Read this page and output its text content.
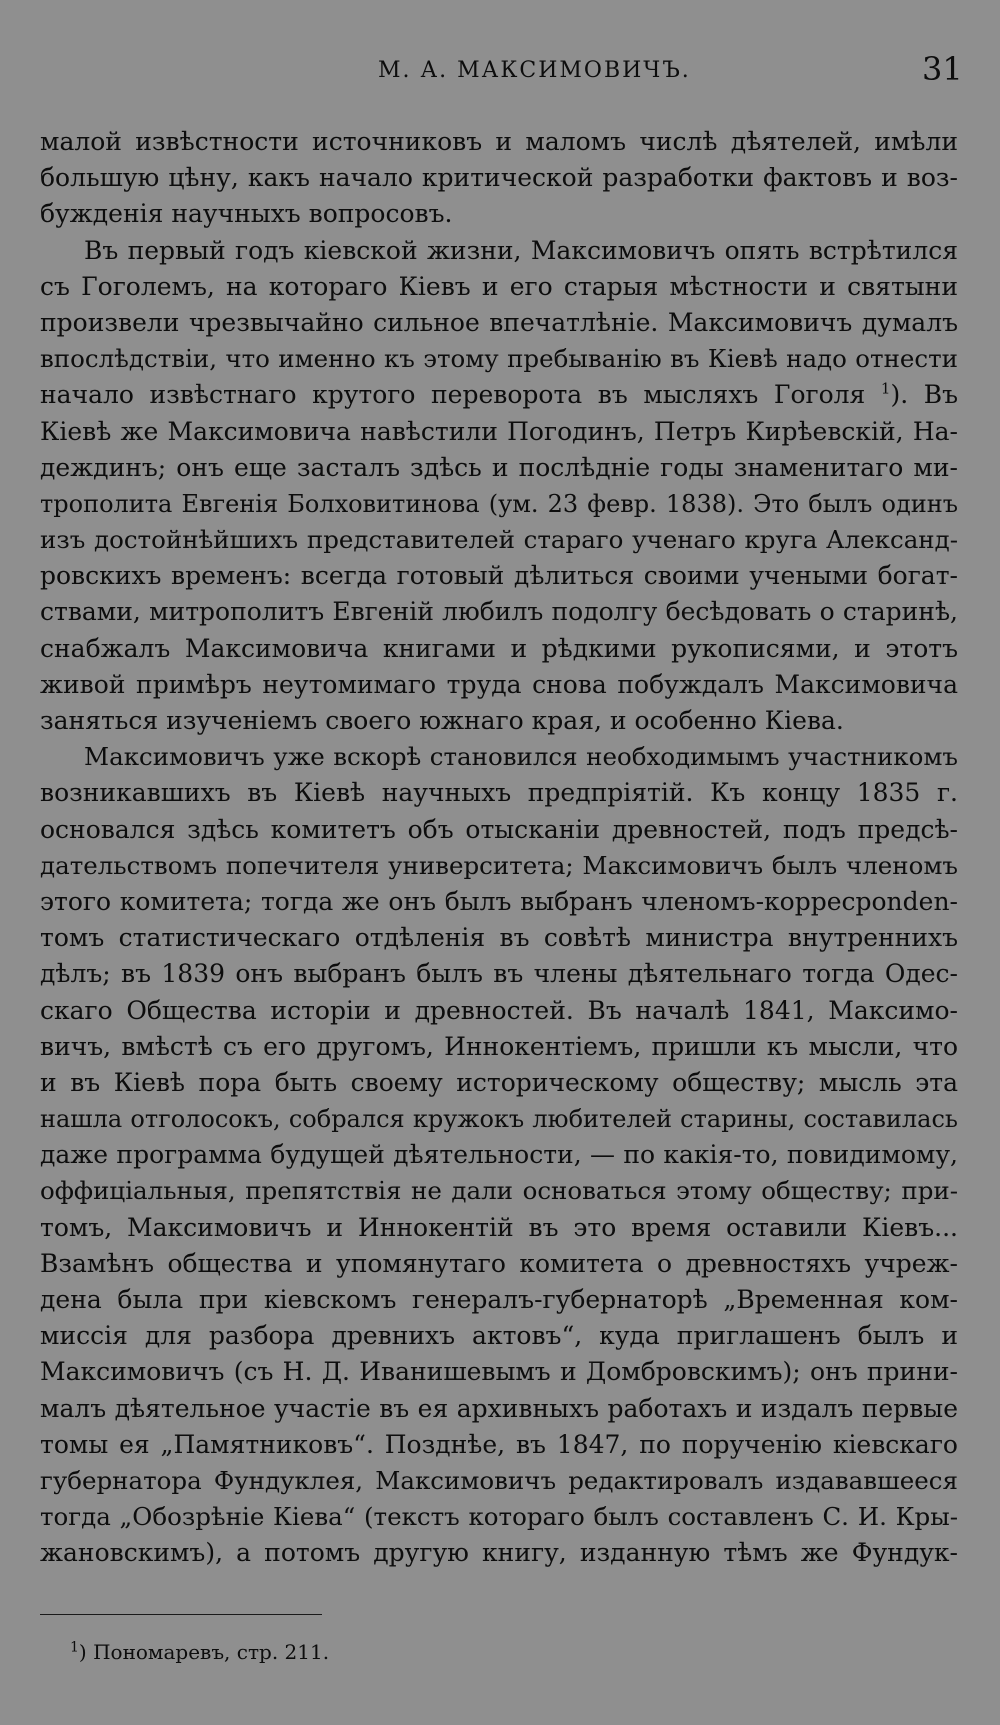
М. А. МАКСИМОВИЧЪ.	31
малой извѣстности источниковъ и маломъ числѣ дѣятелей, имѣли
большую цѣну, какъ начало критической разработки фактовъ и воз-
бужденія научныхъ вопросовъ.
Въ первый годъ кіевской жизни, Максимовичъ опять встрѣтился
съ Гоголемъ, на котораго Кіевъ и его старыя мѣстности и святыни
произвели чрезвычайно сильное впечатлѣніе. Максимовичъ думалъ
впослѣдствіи, что именно къ этому пребыванію въ Кіевѣ надо отнести
начало извѣстнаго крутого переворота въ мысляхъ Гоголя $^1$). Въ
Кіевѣ же Максимовича навѣстили Погодинъ, Петръ Кирѣевскій, На-
деждинъ; онъ еще засталъ здѣсь и послѣдніе годы знаменитаго ми-
трополита Евгенія Болховитинова (ум. 23 февр. 1838). Это былъ одинъ
изъ достойнѣйшихъ представителей стараго ученаго круга Александ-
ровскихъ временъ: всегда готовый дѣлиться своими учеными богат-
ствами, митрополитъ Евгеній любилъ подолгу бесѣдовать о старинѣ,
снабжалъ Максимовича книгами и рѣдкими рукописями, и этотъ
живой примѣръ неутомимаго труда снова побуждалъ Максимовича
заняться изученіемъ своего южнаго края, и особенно Кіева.
Максимовичъ уже вскорѣ становился необходимымъ участникомъ
возникавшихъ въ Кіевѣ научныхъ предпріятій. Къ концу 1835 г.
основался здѣсь комитетъ объ отысканіи древностей, подъ предсѣ-
дательствомъ попечителя университета; Максимовичъ былъ членомъ
этого комитета; тогда же онъ былъ выбранъ членомъ-корресponden-
томъ статистическаго отдѣленія въ совѣтѣ министра внутреннихъ
дѣлъ; въ 1839 онъ выбранъ былъ въ члены дѣятельнаго тогда Одес-
скаго Общества исторіи и древностей. Въ началѣ 1841, Максимо-
вичъ, вмѣстѣ съ его другомъ, Иннокентіемъ, пришли къ мысли, что
и въ Кіевѣ пора быть своему историческому обществу; мысль эта
нашла отголосокъ, собрался кружокъ любителей старины, составилась
даже программа будущей дѣятельности, — по какія-то, повидимому,
оффиціальныя, препятствія не дали основаться этому обществу; при-
томъ, Максимовичъ и Иннокентій въ это время оставили Кіевъ...
Взамѣнъ общества и упомянутаго комитета о древностяхъ учреж-
дена была при кіевскомъ генералъ-губернаторѣ „Временная ком-
миссія для разбора древнихъ актовъ“, куда приглашенъ былъ и
Максимовичъ (съ Н. Д. Иванишевымъ и Домбровскимъ); онъ прини-
малъ дѣятельное участіе въ ея архивныхъ работахъ и издалъ первые
томы ея „Памятниковъ“. Позднѣе, въ 1847, по порученію кіевскаго
губернатора Фундуклея, Максимовичъ редактировалъ издававшееся
тогда „Обозрѣніе Кіева“ (текстъ котораго былъ составленъ С. И. Кры-
жановскимъ), а потомъ другую книгу, изданную тѣмъ же Фундук-
$^1$) Пономаревъ, стр. 211.
